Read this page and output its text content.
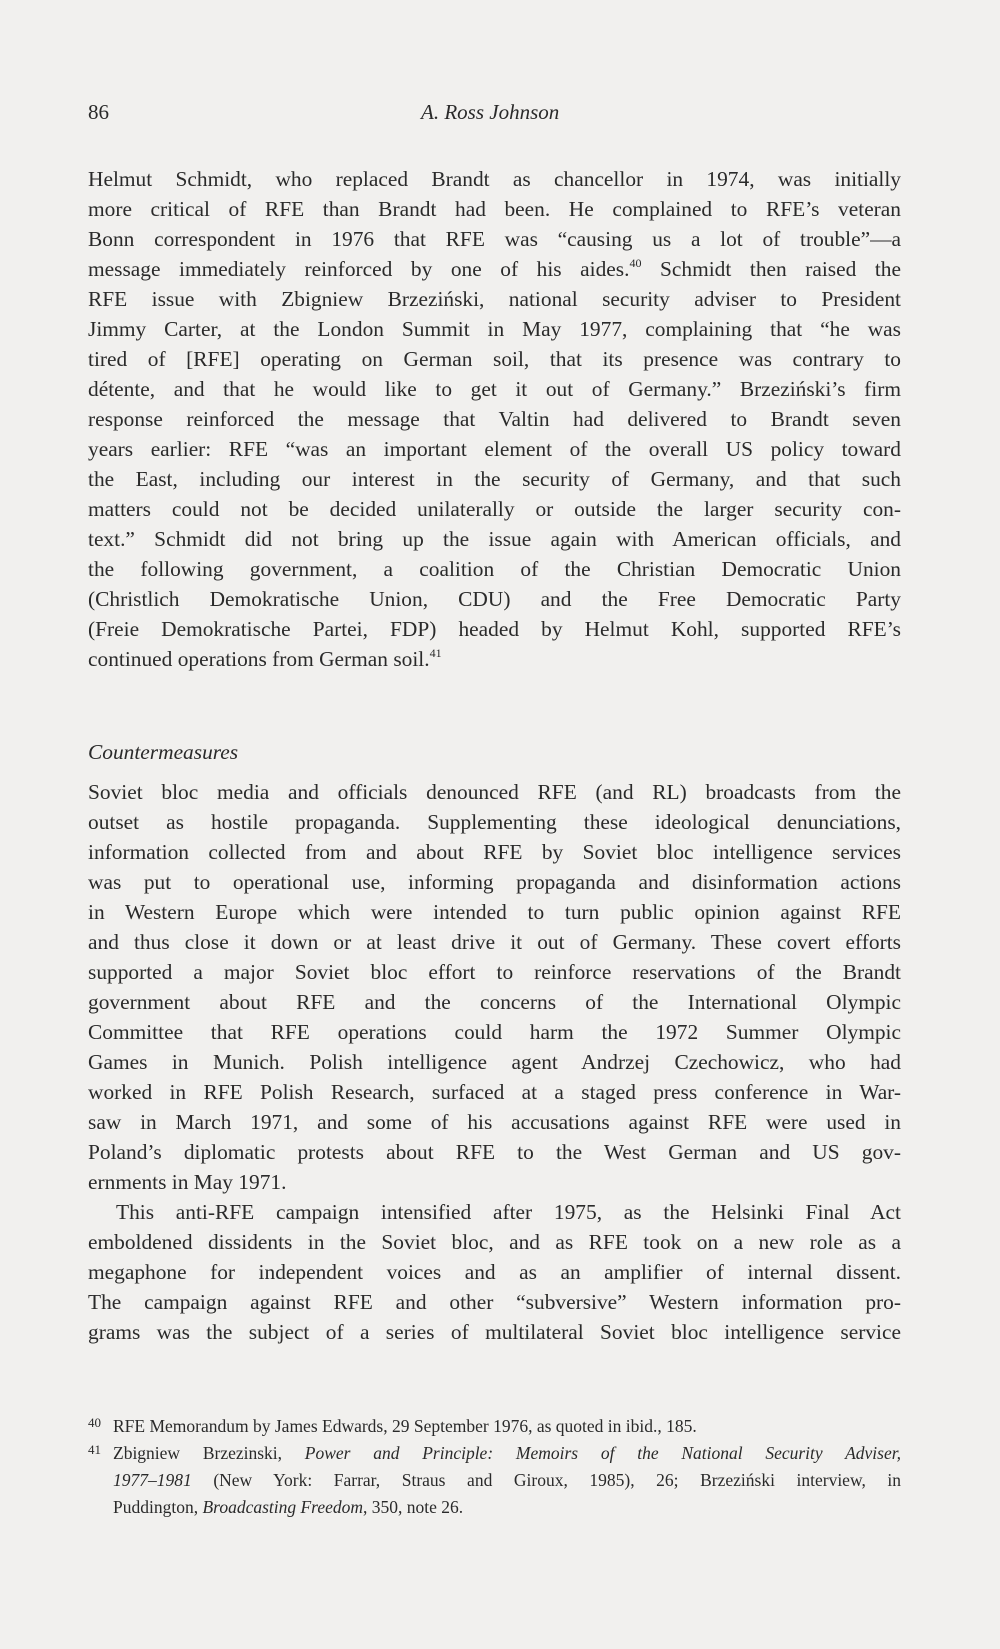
86	A. Ross Johnson
Helmut Schmidt, who replaced Brandt as chancellor in 1974, was initially
more critical of RFE than Brandt had been. He complained to RFE’s veteran
Bonn correspondent in 1976 that RFE was “causing us a lot of trouble”—a
message immediately reinforced by one of his aides.$^{40}$ Schmidt then raised the
RFE issue with Zbigniew Brzeziński, national security adviser to President
Jimmy Carter, at the London Summit in May 1977, complaining that “he was
tired of [RFE] operating on German soil, that its presence was contrary to
détente, and that he would like to get it out of Germany.” Brzeziński’s firm
response reinforced the message that Valtin had delivered to Brandt seven
years earlier: RFE “was an important element of the overall US policy toward
the East, including our interest in the security of Germany, and that such
matters could not be decided unilaterally or outside the larger security con-
text.” Schmidt did not bring up the issue again with American officials, and
the following government, a coalition of the Christian Democratic Union
(Christlich Demokratische Union, CDU) and the Free Democratic Party
(Freie Demokratische Partei, FDP) headed by Helmut Kohl, supported RFE’s
continued operations from German soil.$^{41}$
Countermeasures
Soviet bloc media and officials denounced RFE (and RL) broadcasts from the
outset as hostile propaganda. Supplementing these ideological denunciations,
information collected from and about RFE by Soviet bloc intelligence services
was put to operational use, informing propaganda and disinformation actions
in Western Europe which were intended to turn public opinion against RFE
and thus close it down or at least drive it out of Germany. These covert efforts
supported a major Soviet bloc effort to reinforce reservations of the Brandt
government about RFE and the concerns of the International Olympic
Committee that RFE operations could harm the 1972 Summer Olympic
Games in Munich. Polish intelligence agent Andrzej Czechowicz, who had
worked in RFE Polish Research, surfaced at a staged press conference in War-
saw in March 1971, and some of his accusations against RFE were used in
Poland’s diplomatic protests about RFE to the West German and US gov-
ernments in May 1971.
This anti-RFE campaign intensified after 1975, as the Helsinki Final Act
emboldened dissidents in the Soviet bloc, and as RFE took on a new role as a
megaphone for independent voices and as an amplifier of internal dissent.
The campaign against RFE and other “subversive” Western information pro-
grams was the subject of a series of multilateral Soviet bloc intelligence service
40 RFE Memorandum by James Edwards, 29 September 1976, as quoted in ibid., 185.
41 Zbigniew Brzezinski, Power and Principle: Memoirs of the National Security Adviser,
1977–1981 (New York: Farrar, Straus and Giroux, 1985), 26; Brzeziński interview, in
Puddington, Broadcasting Freedom, 350, note 26.
